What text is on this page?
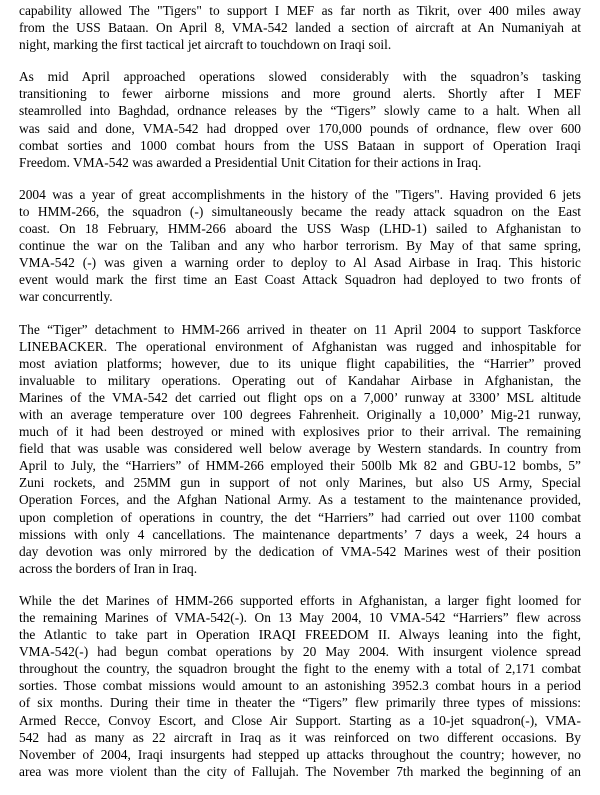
capability allowed The "Tigers" to support I MEF as far north as Tikrit, over 400 miles away
from the USS Bataan. On April 8, VMA-542 landed a section of aircraft at An Numaniyah at
night, marking the first tactical jet aircraft to touchdown on Iraqi soil.
As mid April approached operations slowed considerably with the squadron’s tasking
transitioning to fewer airborne missions and more ground alerts. Shortly after I MEF
steamrolled into Baghdad, ordnance releases by the “Tigers” slowly came to a halt. When all
was said and done, VMA-542 had dropped over 170,000 pounds of ordnance, flew over 600
combat sorties and 1000 combat hours from the USS Bataan in support of Operation Iraqi
Freedom. VMA-542 was awarded a Presidential Unit Citation for their actions in Iraq.
2004 was a year of great accomplishments in the history of the "Tigers". Having provided 6 jets
to HMM-266, the squadron (-) simultaneously became the ready attack squadron on the East
coast. On 18 February, HMM-266 aboard the USS Wasp (LHD-1) sailed to Afghanistan to
continue the war on the Taliban and any who harbor terrorism. By May of that same spring,
VMA-542 (-) was given a warning order to deploy to Al Asad Airbase in Iraq. This historic
event would mark the first time an East Coast Attack Squadron had deployed to two fronts of
war concurrently.
The “Tiger” detachment to HMM-266 arrived in theater on 11 April 2004 to support Taskforce
LINEBACKER. The operational environment of Afghanistan was rugged and inhospitable for
most aviation platforms; however, due to its unique flight capabilities, the “Harrier” proved
invaluable to military operations. Operating out of Kandahar Airbase in Afghanistan, the
Marines of the VMA-542 det carried out flight ops on a 7,000’ runway at 3300’ MSL altitude
with an average temperature over 100 degrees Fahrenheit. Originally a 10,000’ Mig-21 runway,
much of it had been destroyed or mined with explosives prior to their arrival. The remaining
field that was usable was considered well below average by Western standards. In country from
April to July, the “Harriers” of HMM-266 employed their 500lb Mk 82 and GBU-12 bombs, 5”
Zuni rockets, and 25MM gun in support of not only Marines, but also US Army, Special
Operation Forces, and the Afghan National Army. As a testament to the maintenance provided,
upon completion of operations in country, the det “Harriers” had carried out over 1100 combat
missions with only 4 cancellations. The maintenance departments’ 7 days a week, 24 hours a
day devotion was only mirrored by the dedication of VMA-542 Marines west of their position
across the borders of Iran in Iraq.
While the det Marines of HMM-266 supported efforts in Afghanistan, a larger fight loomed for
the remaining Marines of VMA-542(-). On 13 May 2004, 10 VMA-542 “Harriers” flew across
the Atlantic to take part in Operation IRAQI FREEDOM II. Always leaning into the fight,
VMA-542(-) had begun combat operations by 20 May 2004. With insurgent violence spread
throughout the country, the squadron brought the fight to the enemy with a total of 2,171 combat
sorties. Those combat missions would amount to an astonishing 3952.3 combat hours in a period
of six months. During their time in theater the “Tigers” flew primarily three types of missions:
Armed Recce, Convoy Escort, and Close Air Support. Starting as a 10-jet squadron(-), VMA-
542 had as many as 22 aircraft in Iraq as it was reinforced on two different occasions. By
November of 2004, Iraqi insurgents had stepped up attacks throughout the country; however, no
area was more violent than the city of Fallujah. The November 7th marked the beginning of an
